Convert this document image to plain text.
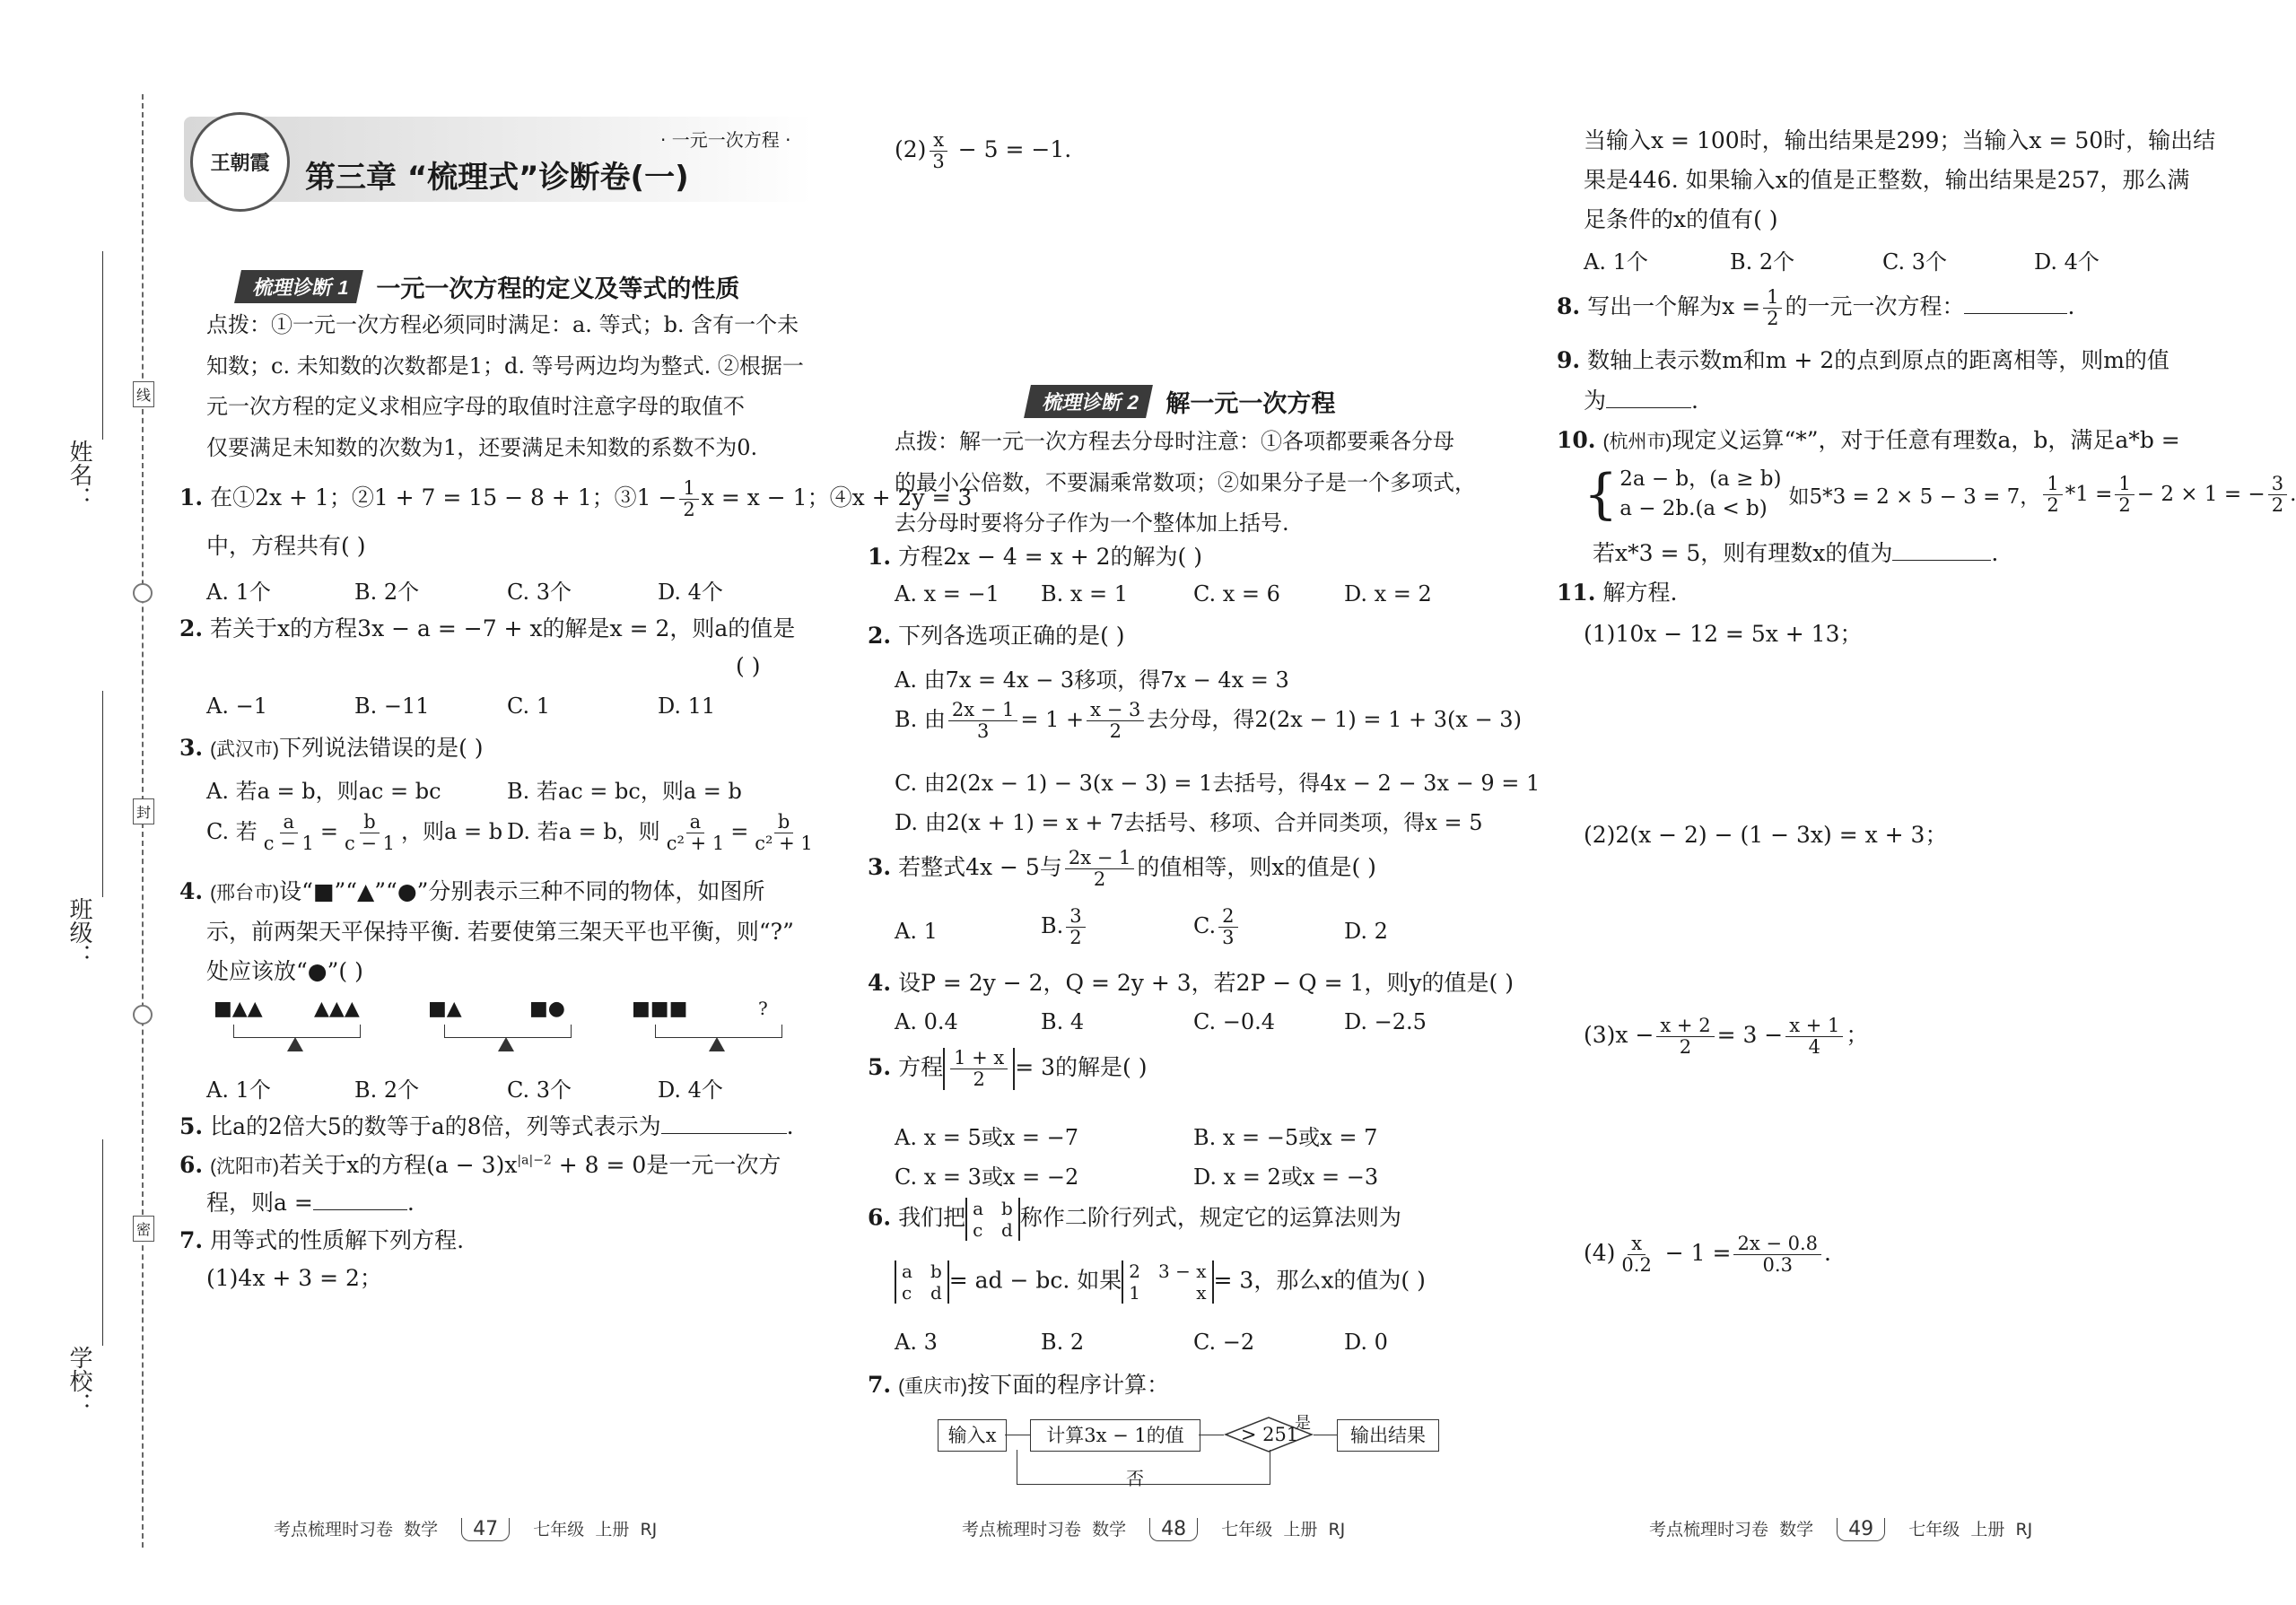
姓名：
班级：
学校：
线
封
密
王朝霞
· 一元一次方程 ·
第三章 “梳理式”诊断卷(一)
梳理诊断 1	一元一次方程的定义及等式的性质
点拨：①一元一次方程必须同时满足：a. 等式；b. 含有一个未
知数；c. 未知数的次数都是1；d. 等号两边均为整式. ②根据一
元一次方程的定义求相应字母的取值时注意字母的取值不
仅要满足未知数的次数为1，还要满足未知数的系数不为0.
1. 在①2x + 1；②1 + 7 = 15 − 8 + 1；③1 − $\frac{1}{2}$ x = x − 1；④x + 2y = 3
中，方程共有( )
A. 1个	B. 2个	C. 3个	D. 4个
2. 若关于x的方程3x − a = −7 + x的解是x = 2，则a的值是
( )
A. −1	B. −11	C. 1	D. 11
3. (武汉市)下列说法错误的是( )
A. 若a = b，则ac = bc	B. 若ac = bc，则a = b
C. 若 $\frac{a}{c - 1} = \frac{b}{c - 1}$ ，则a = b D. 若a = b，则 $\frac{a}{\text{c² + 1}} = \frac{b}{\text{c² + 1}}$
4. (邢台市)设“■”“▲”“●”分别表示三种不同的物体，如图所
示，前两架天平保持平衡. 若要使第三架天平也平衡，则“?”
处应该放“●”( )
■▲▲	▲▲▲	■▲	■●	■■■	?
A. 1个	B. 2个	C. 3个	D. 4个
5. 比a的2倍大5的数等于a的8倍，列等式表示为	.
6. (沈阳市)若关于x的方程$(a - 3)x^{|a|-2} + 8 = 0$是一元一次方
程，则a =	.
7. 用等式的性质解下列方程.
(1)4x + 3 = 2；
$(2) \frac{x}{3} - 5 = -1$.
梳理诊断 2	解一元一次方程
点拨：解一元一次方程去分母时注意：①各项都要乘各分母
的最小公倍数，不要漏乘常数项；②如果分子是一个多项式，
去分母时要将分子作为一个整体加上括号.
1. 方程2x − 4 = x + 2的解为( )
A. x = −1 B. x = 1	C. x = 6	D. x = 2
2. 下列各选项正确的是( )
A. 由7x = 4x − 3移项，得7x − 4x = 3
B. 由 $\frac{2x - 1}{3} = 1 + \frac{x - 3}{2}$ 去分母，得2(2x − 1) = 1 + 3(x − 3)
C. 由2(2x − 1) − 3(x − 3) = 1去括号，得4x − 2 − 3x − 9 = 1
D. 由2(x + 1) = x + 7去括号、移项、合并同类项，得x = 5
3. 若整式4x − 5与 $\frac{2x - 1}{2}$ 的值相等，则x的值是( )
A. 1	B. $\frac{3}{2}$	C. $\frac{2}{3}$	D. 2
4. 设P = 2y − 2，Q = 2y + 3，若2P − Q = 1，则y的值是( )
A. 0.4	B. 4	C. −0.4	D. −2.5
5. 方程 $\frac{1 + x}{2} = 3$的解是( )
A. x = 5或x = −7	B. x = −5或x = 7
C. x = 3或x = −2	D. x = 2或x = −3
6. 我们把 a b
c d 称作二阶行列式，规定它的运算法则为
a b
c d = ad − bc. 如果 2 3 − x
1	x = 3，那么x的值为( )
A. 3	B. 2	C. −2	D. 0
7. (重庆市)按下面的程序计算：
输入x	计算3x − 1的值	> 251
是
输出结果
否
当输入x = 100时，输出结果是299；当输入x = 50时，输出结
果是446. 如果输入x的值是正整数，输出结果是257，那么满
足条件的x的值有( )
A. 1个	B. 2个	C. 3个	D. 4个
8. 写出一个解为$x = \frac{1}{2}$ 的一元一次方程：	.
9. 数轴上表示数m和m + 2的点到原点的距离相等，则m的值
为	.
10. (杭州市)现定义运算“*”，对于任意有理数a，b，满足a*b =
{ 2a − b，(a ≥ b)
a − 2b.(a < b)
如5*3 = 2 × 5 − 3 = 7， $\frac{1}{2} *1 = \frac{1}{2} - 2 \times 1$ = − $\frac{3}{2}$ .
若x*3 = 5，则有理数x的值为	.
11. 解方程.
(1)10x − 12 = 5x + 13；
(2)2(x − 2) − (1 − 3x) = x + 3；
$(3)x - \frac{x + 2}{2} = 3 - \frac{x + 1}{4}$ ；
$(4) \frac{x}{0.2} - 1 = \frac{2x - 0.8}{0.3}$ .
考点梳理时习卷 数学 47 七年级 上册 RJ	考点梳理时习卷 数学 48 七年级 上册 RJ	考点梳理时习卷 数学 49 七年级 上册 RJ
